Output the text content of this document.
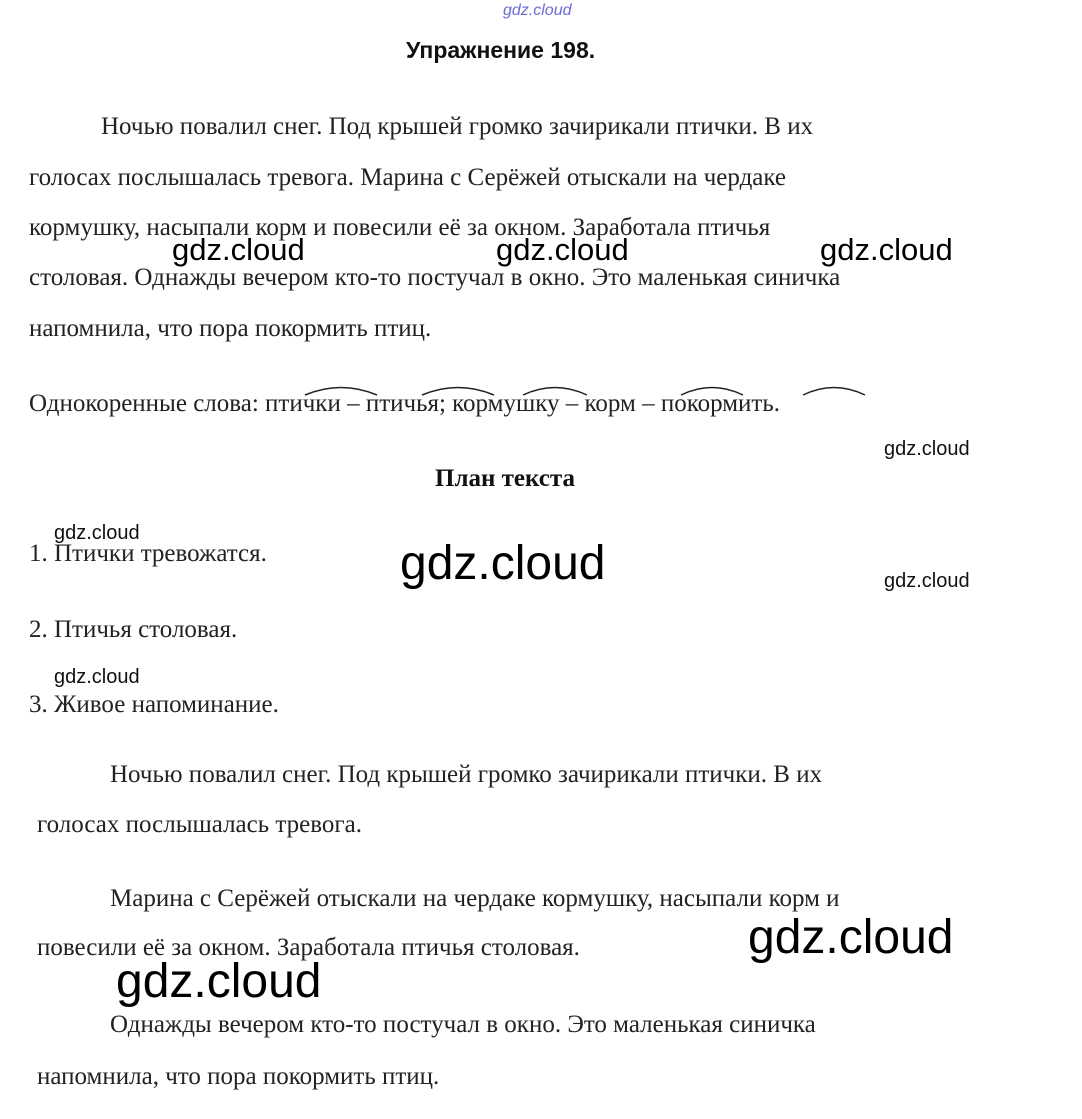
gdz.cloud
Упражнение 198.
Ночью повалил снег. Под крышей громко зачирикали птички. В их
голосах послышалась тревога. Марина с Серёжей отыскали на чердаке
кормушку, насыпали корм и повесили её за окном. Заработала птичья
столовая. Однажды вечером кто-то постучал в окно. Это маленькая синичка
напомнила, что пора покормить птиц.
gdz.cloud	gdz.cloud	gdz.cloud
Однокоренные слова: птички – птичья; кормушку – корм – покормить.
gdz.cloud
План текста
gdz.cloud
1. Птички тревожатся.	gdz.cloud	gdz.cloud
2. Птичья столовая.
gdz.cloud
3. Живое напоминание.
Ночью повалил снег. Под крышей громко зачирикали птички. В их
голосах послышалась тревога.
Марина с Серёжей отыскали на чердаке кормушку, насыпали корм и
повесили её за окном. Заработала птичья столовая.	gdz.cloud
gdz.cloud
Однажды вечером кто-то постучал в окно. Это маленькая синичка
напомнила, что пора покормить птиц.
